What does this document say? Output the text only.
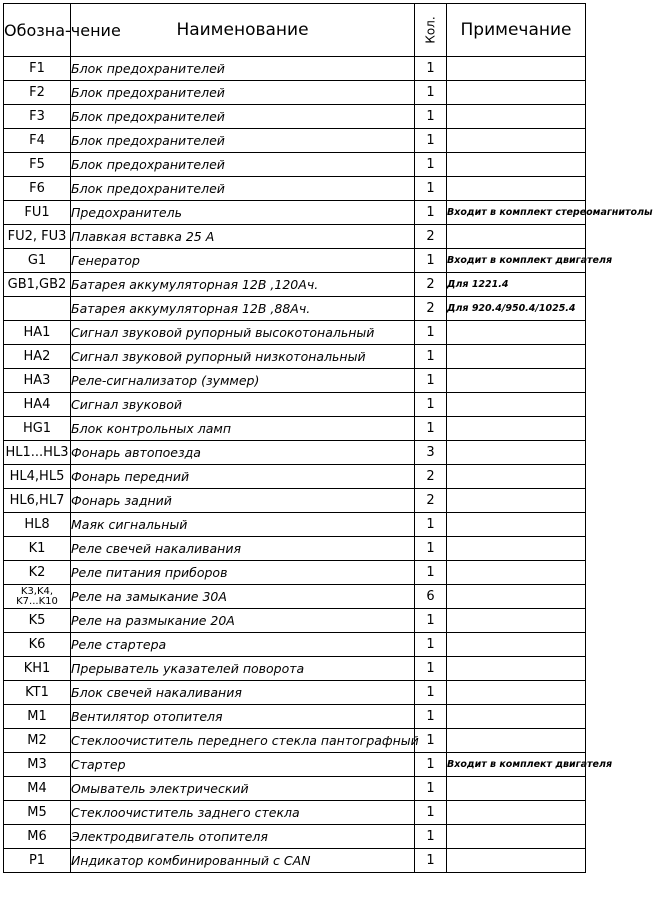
Обозна-чение	Наименование	Кол.	Примечание
F1	Блок предохранителей	1	
F2	Блок предохранителей	1	
F3	Блок предохранителей	1	
F4	Блок предохранителей	1	
F5	Блок предохранителей	1	
F6	Блок предохранителей	1	
FU1	Предохранитель	1	Входит в комплект стереомагнитолы
FU2, FU3	Плавкая вставка 25 А	2	
G1	Генератор	1	Входит в комплект двигателя
GB1,GB2	Батарея аккумуляторная 12В ,120Ач.	2	Для 1221.4
	Батарея аккумуляторная 12В ,88Ач.	2	Для 920.4/950.4/1025.4
HA1	Сигнал звуковой рупорный высокотональный	1	
HA2	Сигнал звуковой рупорный низкотональный	1	
HA3	Реле-сигнализатор (зуммер)	1	
HA4	Сигнал звуковой	1	
HG1	Блок контрольных ламп	1	
HL1...HL3	Фонарь автопоезда	3	
HL4,HL5	Фонарь передний	2	
HL6,HL7	Фонарь задний	2	
HL8	Маяк сигнальный	1	
K1	Реле свечей накаливания	1	
K2	Реле питания приборов	1	
K3,K4, K7...K10	Реле на замыкание 30А	6	
K5	Реле на размыкание 20А	1	
K6	Реле стартера	1	
KH1	Прерыватель указателей поворота	1	
KT1	Блок свечей накаливания	1	
M1	Вентилятор отопителя	1	
M2	Стеклоочиститель переднего стекла пантографный	1	
M3	Стартер	1	Входит в комплект двигателя
M4	Омыватель электрический	1	
M5	Стеклоочиститель заднего стекла	1	
M6	Электродвигатель отопителя	1	
P1	Индикатор комбинированный с CAN	1	
